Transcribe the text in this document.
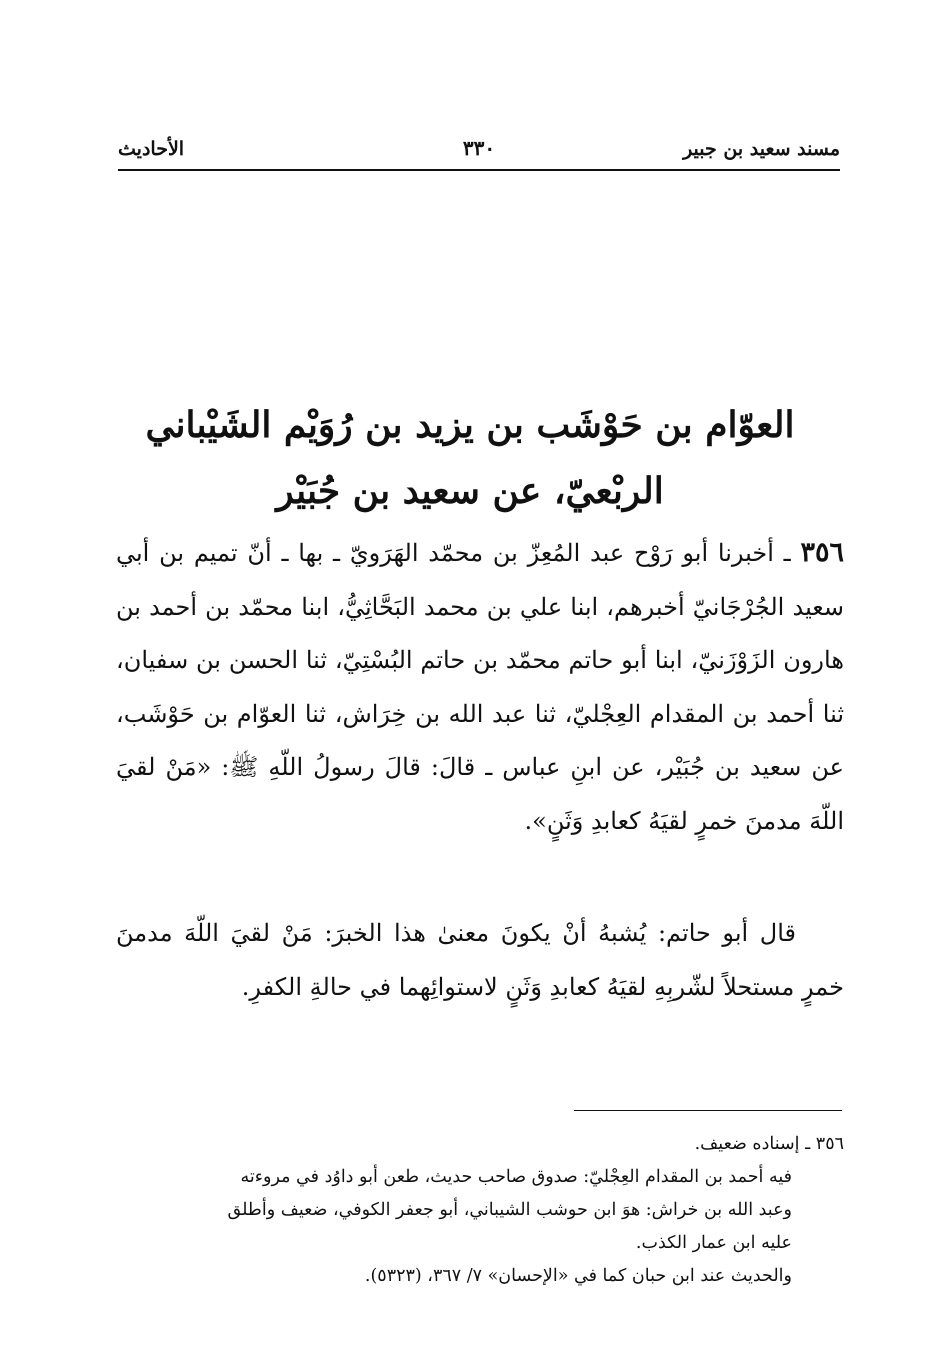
مسند سعيد بن جبير
٣٣٠
الأحاديث
العوّام بن حَوْشَب بن يزيد بن رُوَيْم الشَيْباني
الربْعيّ، عن سعيد بن جُبَيْر
٣٥٦ ـ أخبرنا أبو رَوْح عبد المُعِزّ بن محمّد الهَرَويّ ـ بها ـ أنّ تميم بن أبي سعيد الجُرْجَانيّ أخبرهم، ابنا علي بن محمد البَحَّاثِيُّ، ابنا محمّد بن أحمد بن هارون الزَوْزَنيّ، ابنا أبو حاتم محمّد بن حاتم البُسْتِيّ، ثنا الحسن بن سفيان، ثنا أحمد بن المقدام العِجْليّ، ثنا عبد الله بن خِرَاش، ثنا العوّام بن حَوْشَب، عن سعيد بن جُبَيْر، عن ابنِ عباس ـ قالَ: قالَ رسولُ اللّهِ ﷺ: «مَنْ لقيَ اللّهَ مدمنَ خمرٍ لقيَهُ كعابدِ وَثَنٍ».
قال أبو حاتم: يُشبهُ أنْ يكونَ معنىٰ هذا الخبرَ: مَنْ لقيَ اللّهَ مدمنَ خمرٍ مستحلاً لشّربِهِ لقيَهُ كعابدِ وَثَنٍ لاستوائِهما في حالةِ الكفرِ.
٣٥٦ ـ إسناده ضعيف.
فيه أحمد بن المقدام العِجْليّ: صدوق صاحب حديث، طعن أبو داوُد في مروءته
وعبد الله بن خراش: هوَ ابن حوشب الشيباني، أبو جعفر الكوفي، ضعيف وأطلق
عليه ابن عمار الكذب.
والحديث عند ابن حبان كما في «الإحسان» ٧/ ٣٦٧، (٥٣٢٣).
